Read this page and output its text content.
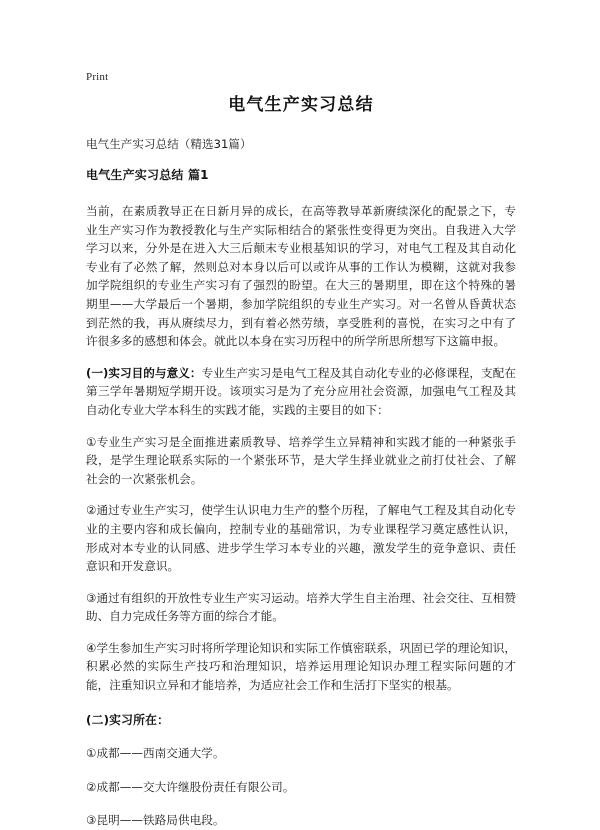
Print
电气生产实习总结
电气生产实习总结（精选31篇）
电气生产实习总结 篇1

当前，在素质教导正在日新月异的成长，在高等教导革新赓续深化的配景之下，专业生产实习作为教授教化与生产实际相结合的紧张性变得更为突出。自我进入大学学习以来，分外是在进入大三后颠末专业根基知识的学习，对电气工程及其自动化专业有了必然了解，然则总对本身以后可以或许从事的工作认为模糊，这就对我参加学院组织的专业生产实习有了强烈的盼望。在大三的暑期里，即在这个特殊的暑期里——大学最后一个暑期，参加学院组织的专业生产实习。对一名曾从昏黄状态到茫然的我，再从赓续尽力，到有着必然劳绩，享受胜利的喜悦，在实习之中有了许很多多的感想和体会。就此以本身在实习历程中的所学所思所想写下这篇申报。

(一)实习目的与意义：专业生产实习是电气工程及其自动化专业的必修课程，支配在第三学年暑期短学期开设。该项实习是为了充分应用社会资源，加强电气工程及其自动化专业大学本科生的实践才能，实践的主要目的如下：

①专业生产实习是全面推进素质教导、培养学生立异精神和实践才能的一种紧张手段，是学生理论联系实际的一个紧张环节，是大学生择业就业之前打仗社会、了解社会的一次紧张机会。

②通过专业生产实习，使学生认识电力生产的整个历程，了解电气工程及其自动化专业的主要内容和成长偏向，控制专业的基础常识，为专业课程学习奠定感性认识，形成对本专业的认同感、进步学生学习本专业的兴趣，激发学生的竞争意识、责任意识和开发意识。

③通过有组织的开放性专业生产实习运动。培养大学生自主治理、社会交往、互相赞助、自力完成任务等方面的综合才能。

④学生参加生产实习时将所学理论知识和实际工作慎密联系，巩固已学的理论知识，积累必然的实际生产技巧和治理知识，培养运用理论知识办理工程实际问题的才能，注重知识立异和才能培养，为适应社会工作和生活打下坚实的根基。

(二)实习所在：

①成都——西南交通大学。

②成都——交大许继股份责任有限公司。

③昆明——铁路局供电段。
